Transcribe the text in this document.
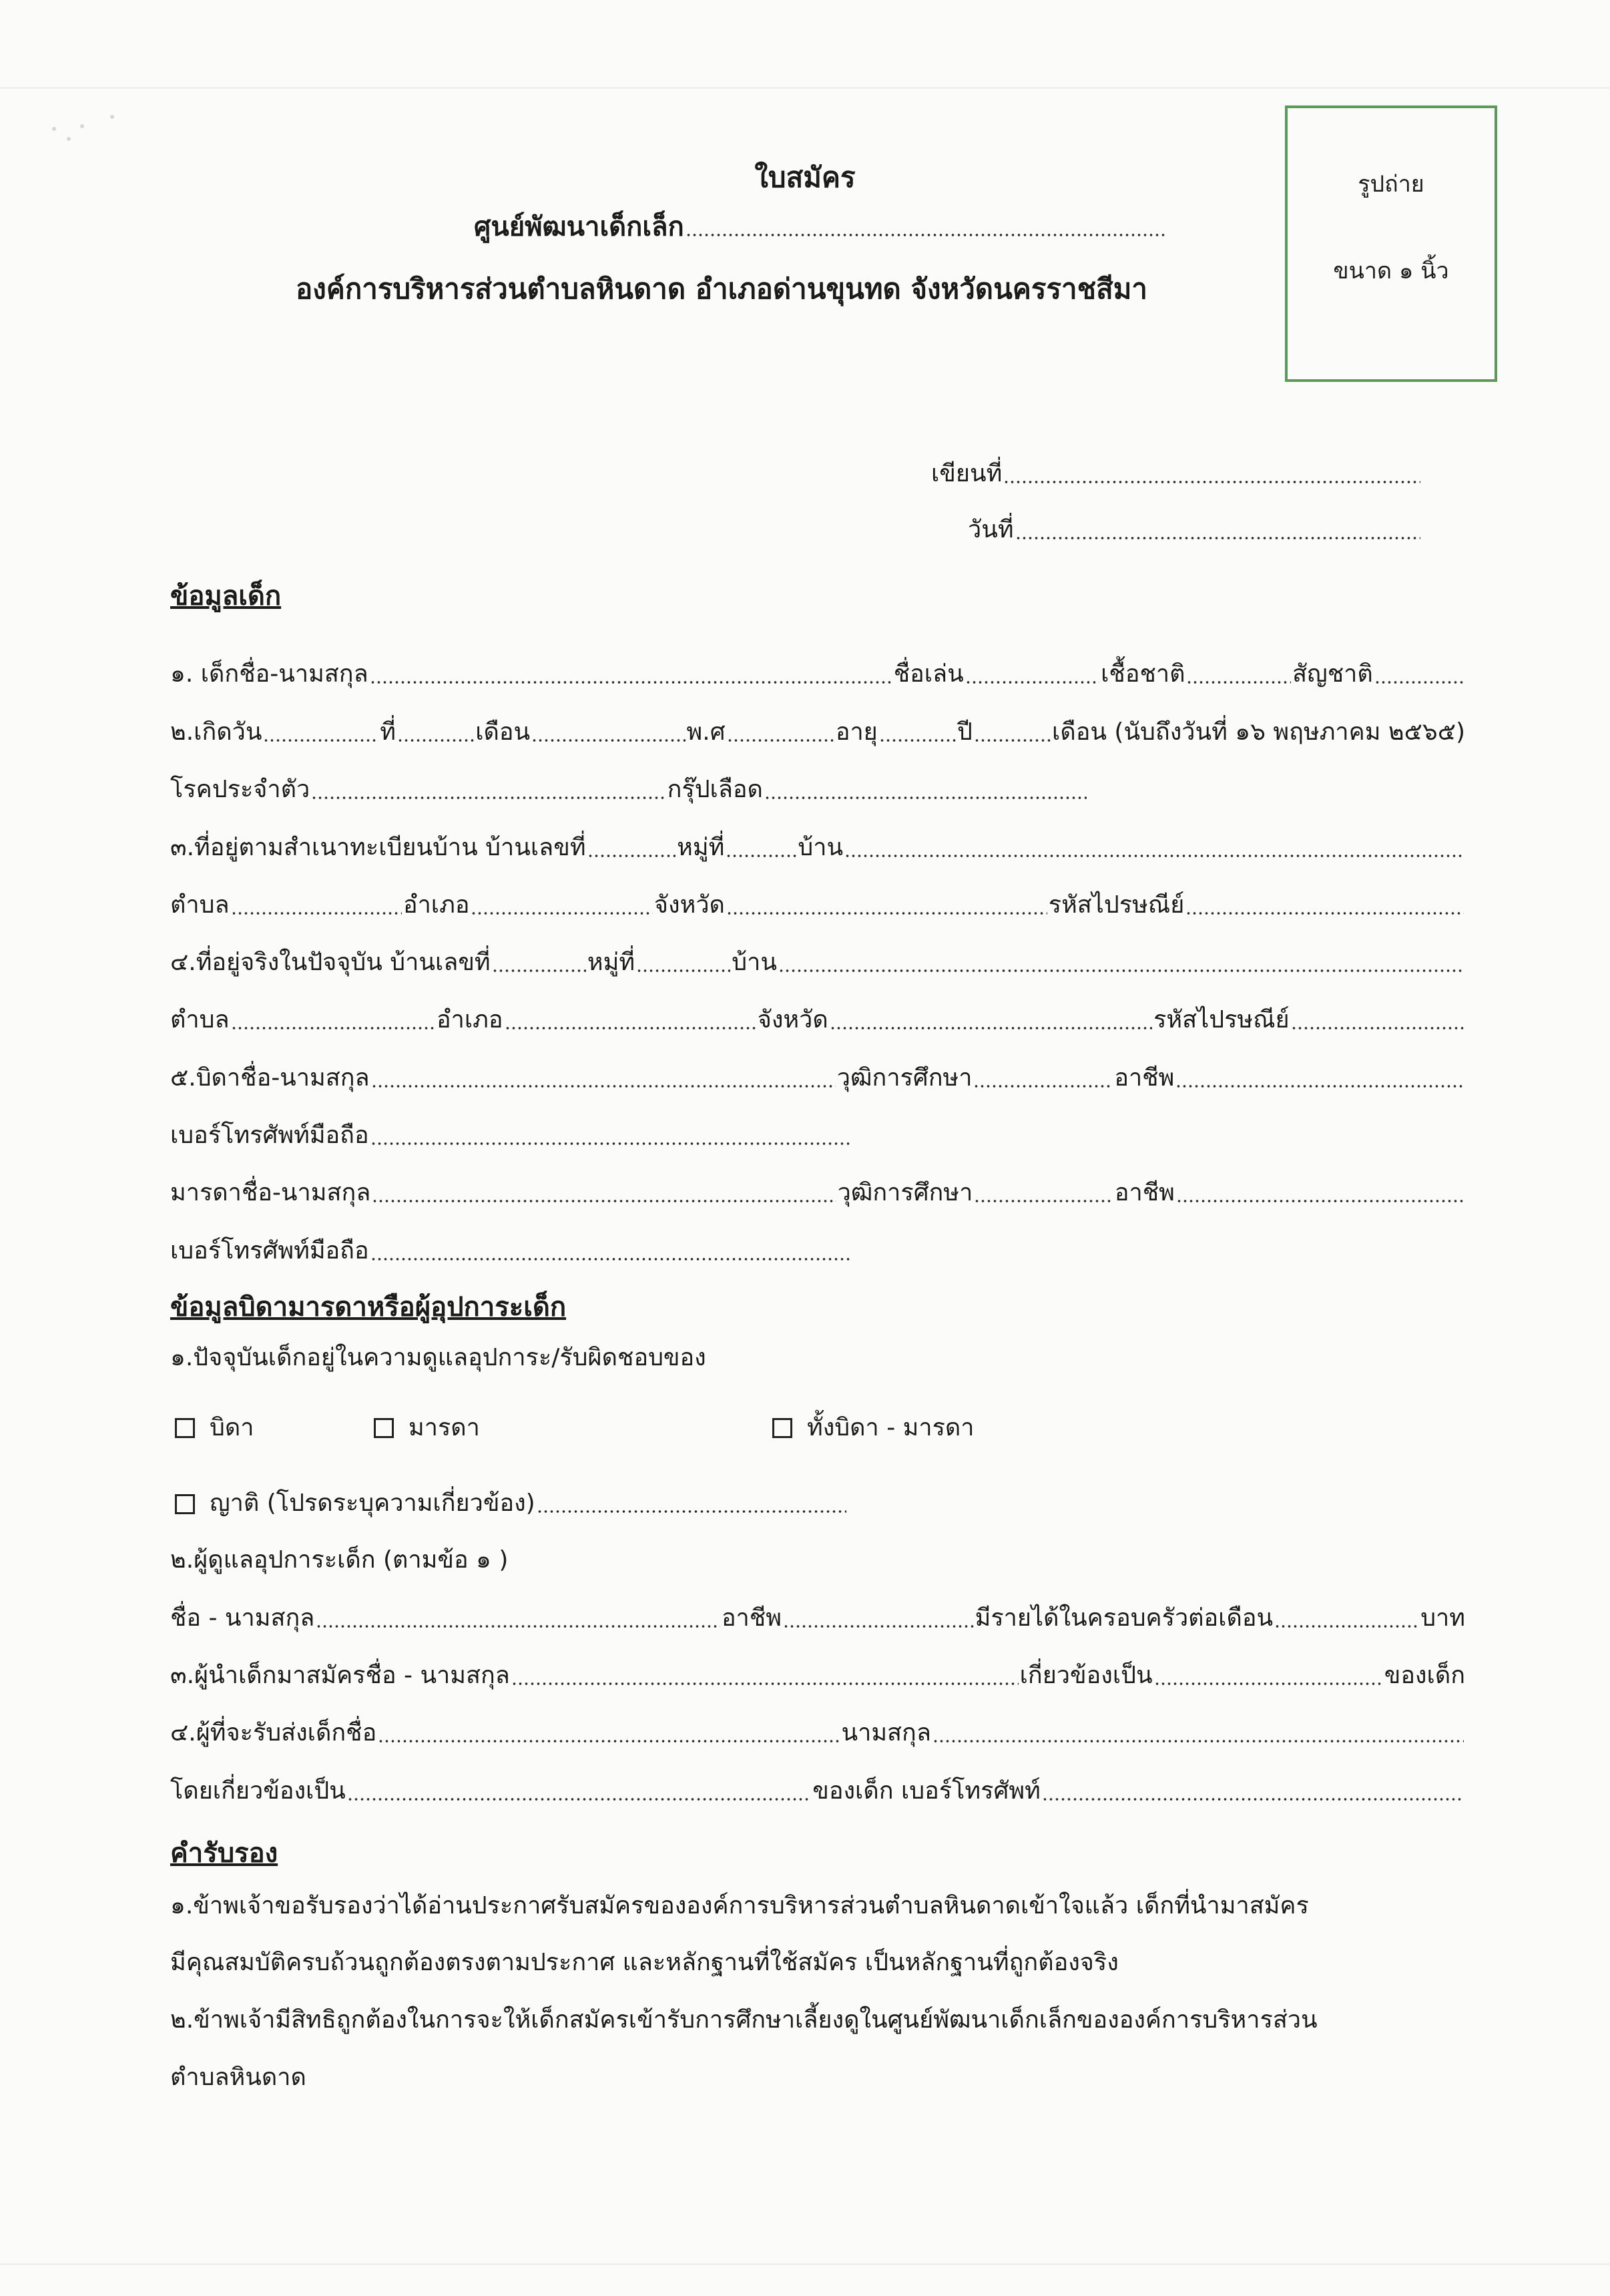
ใบสมัคร
ศูนย์พัฒนาเด็กเล็ก
องค์การบริหารส่วนตำบลหินดาด อำเภอด่านขุนทด จังหวัดนครราชสีมา
รูปถ่าย
ขนาด ๑ นิ้ว
เขียนที่
วันที่
ข้อมูลเด็ก
๑. เด็กชื่อ-นามสกุล	ชื่อเล่น	เชื้อชาติ	สัญชาติ
๒.เกิดวัน	ที่	เดือน	พ.ศ	อายุ	ปี	เดือน (นับถึงวันที่ ๑๖ พฤษภาคม ๒๕๖๕)
โรคประจำตัว	กรุ๊ปเลือด
๓.ที่อยู่ตามสำเนาทะเบียนบ้าน บ้านเลขที่	หมู่ที่	บ้าน
ตำบล	อำเภอ	จังหวัด	รหัสไปรษณีย์
๔.ที่อยู่จริงในปัจจุบัน บ้านเลขที่	หมู่ที่	บ้าน
ตำบล	อำเภอ	จังหวัด	รหัสไปรษณีย์
๕.บิดาชื่อ-นามสกุล	วุฒิการศึกษา	อาชีพ
เบอร์โทรศัพท์มือถือ
มารดาชื่อ-นามสกุล	วุฒิการศึกษา	อาชีพ
เบอร์โทรศัพท์มือถือ
ข้อมูลบิดามารดาหรือผู้อุปการะเด็ก
๑.ปัจจุบันเด็กอยู่ในความดูแลอุปการะ/รับผิดชอบของ
บิดา	มารดา	ทั้งบิดา - มารดา
ญาติ (โปรดระบุความเกี่ยวข้อง)
๒.ผู้ดูแลอุปการะเด็ก (ตามข้อ ๑ )
ชื่อ - นามสกุล	อาชีพ	มีรายได้ในครอบครัวต่อเดือน	บาท
๓.ผู้นำเด็กมาสมัครชื่อ - นามสกุล	เกี่ยวข้องเป็น	ของเด็ก
๔.ผู้ที่จะรับส่งเด็กชื่อ	นามสกุล
โดยเกี่ยวข้องเป็น	ของเด็ก เบอร์โทรศัพท์
คำรับรอง
๑.ข้าพเจ้าขอรับรองว่าได้อ่านประกาศรับสมัครขององค์การบริหารส่วนตำบลหินดาดเข้าใจแล้ว เด็กที่นำมาสมัคร
มีคุณสมบัติครบถ้วนถูกต้องตรงตามประกาศ และหลักฐานที่ใช้สมัคร เป็นหลักฐานที่ถูกต้องจริง
๒.ข้าพเจ้ามีสิทธิถูกต้องในการจะให้เด็กสมัครเข้ารับการศึกษาเลี้ยงดูในศูนย์พัฒนาเด็กเล็กขององค์การบริหารส่วน
ตำบลหินดาด
